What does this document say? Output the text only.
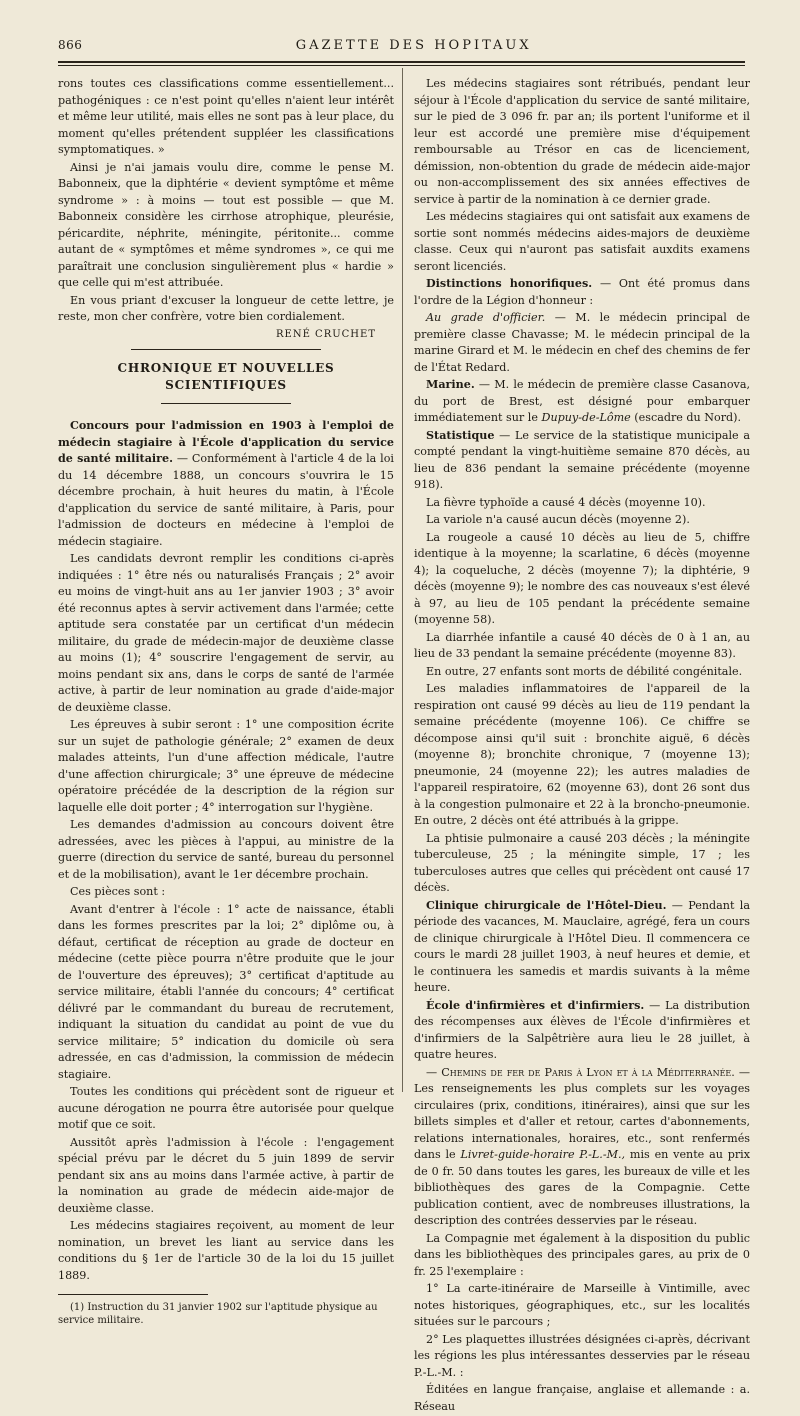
866	GAZETTE DES HOPITAUX

rons toutes ces classifications comme essentiellement... pathogéniques : ce n'est point qu'elles n'aient leur intérêt et même leur utilité, mais elles ne sont pas à leur place, du moment qu'elles prétendent suppléer les classifications symptomatiques. »

Ainsi je n'ai jamais voulu dire, comme le pense M. Babonneix, que la diphtérie « devient symptôme et même syndrome » : à moins — tout est possible — que M. Babonneix considère les cirrhose atrophique, pleurésie, péricardite, néphrite, méningite, péritonite... comme autant de « symptômes et même syndromes », ce qui me paraîtrait une conclusion singulièrement plus « hardie » que celle qui m'est attribuée.

En vous priant d'excuser la longueur de cette lettre, je reste, mon cher confrère, votre bien cordialement.

RENÉ CRUCHET
CHRONIQUE ET NOUVELLES SCIENTIFIQUES

Concours pour l'admission en 1903 à l'emploi de médecin stagiaire à l'École d'application du service de santé militaire. — Conformément à l'article 4 de la loi du 14 décembre 1888, un concours s'ouvrira le 15 décembre prochain, à huit heures du matin, à l'École d'application du service de santé militaire, à Paris, pour l'admission de docteurs en médecine à l'emploi de médecin stagiaire.

Les candidats devront remplir les conditions ci-après indiquées : 1° être nés ou naturalisés Français ; 2° avoir eu moins de vingt-huit ans au 1er janvier 1903 ; 3° avoir été reconnus aptes à servir activement dans l'armée; cette aptitude sera constatée par un certificat d'un médecin militaire, du grade de médecin-major de deuxième classe au moins (1); 4° souscrire l'engagement de servir, au moins pendant six ans, dans le corps de santé de l'armée active, à partir de leur nomination au grade d'aide-major de deuxième classe.

Les épreuves à subir seront : 1° une composition écrite sur un sujet de pathologie générale; 2° examen de deux malades atteints, l'un d'une affection médicale, l'autre d'une affection chirurgicale; 3° une épreuve de médecine opératoire précédée de la description de la région sur laquelle elle doit porter ; 4° interrogation sur l'hygiène.

Les demandes d'admission au concours doivent être adressées, avec les pièces à l'appui, au ministre de la guerre (direction du service de santé, bureau du personnel et de la mobilisation), avant le 1er décembre prochain.

Ces pièces sont :

Avant d'entrer à l'école : 1° acte de naissance, établi dans les formes prescrites par la loi; 2° diplôme ou, à défaut, certificat de réception au grade de docteur en médecine (cette pièce pourra n'être produite que le jour de l'ouverture des épreuves); 3° certificat d'aptitude au service militaire, établi l'année du concours; 4° certificat délivré par le commandant du bureau de recrutement, indiquant la situation du candidat au point de vue du service militaire; 5° indication du domicile où sera adressée, en cas d'admission, la commission de médecin stagiaire.

Toutes les conditions qui précèdent sont de rigueur et aucune dérogation ne pourra être autorisée pour quelque motif que ce soit.

Aussitôt après l'admission à l'école : l'engagement spécial prévu par le décret du 5 juin 1899 de servir pendant six ans au moins dans l'armée active, à partir de la nomination au grade de médecin aide-major de deuxième classe.

Les médecins stagiaires reçoivent, au moment de leur nomination, un brevet les liant au service dans les conditions du § 1er de l'article 30 de la loi du 15 juillet 1889.

(1) Instruction du 31 janvier 1902 sur l'aptitude physique au service militaire.

Les médecins stagiaires sont rétribués, pendant leur séjour à l'École d'application du service de santé militaire, sur le pied de 3 096 fr. par an; ils portent l'uniforme et il leur est accordé une première mise d'équipement remboursable au Trésor en cas de licenciement, démission, non-obtention du grade de médecin aide-major ou non-accomplissement des six années effectives de service à partir de la nomination à ce dernier grade.

Les médecins stagiaires qui ont satisfait aux examens de sortie sont nommés médecins aides-majors de deuxième classe. Ceux qui n'auront pas satisfait auxdits examens seront licenciés.

Distinctions honorifiques. — Ont été promus dans l'ordre de la Légion d'honneur :

Au grade d'officier. — M. le médecin principal de première classe Chavasse; M. le médecin principal de la marine Girard et M. le médecin en chef des chemins de fer de l'État Redard.

Marine. — M. le médecin de première classe Casanova, du port de Brest, est désigné pour embarquer immédiatement sur le Dupuy-de-Lôme (escadre du Nord).

Statistique — Le service de la statistique municipale a compté pendant la vingt-huitième semaine 870 décès, au lieu de 836 pendant la semaine précédente (moyenne 918).

La fièvre typhoïde a causé 4 décès (moyenne 10).

La variole n'a causé aucun décès (moyenne 2).

La rougeole a causé 10 décès au lieu de 5, chiffre identique à la moyenne; la scarlatine, 6 décès (moyenne 4); la coqueluche, 2 décès (moyenne 7); la diphtérie, 9 décès (moyenne 9); le nombre des cas nouveaux s'est élevé à 97, au lieu de 105 pendant la précédente semaine (moyenne 58).

La diarrhée infantile a causé 40 décès de 0 à 1 an, au lieu de 33 pendant la semaine précédente (moyenne 83).

En outre, 27 enfants sont morts de débilité congénitale.

Les maladies inflammatoires de l'appareil de la respiration ont causé 99 décès au lieu de 119 pendant la semaine précédente (moyenne 106). Ce chiffre se décompose ainsi qu'il suit : bronchite aiguë, 6 décès (moyenne 8); bronchite chronique, 7 (moyenne 13); pneumonie, 24 (moyenne 22); les autres maladies de l'appareil respiratoire, 62 (moyenne 63), dont 26 sont dus à la congestion pulmonaire et 22 à la broncho-pneumonie. En outre, 2 décès ont été attribués à la grippe.

La phtisie pulmonaire a causé 203 décès ; la méningite tuberculeuse, 25 ; la méningite simple, 17 ; les tuberculoses autres que celles qui précèdent ont causé 17 décès.

Clinique chirurgicale de l'Hôtel-Dieu. — Pendant la période des vacances, M. Mauclaire, agrégé, fera un cours de clinique chirurgicale à l'Hôtel Dieu. Il commencera ce cours le mardi 28 juillet 1903, à neuf heures et demie, et le continuera les samedis et mardis suivants à la même heure.

École d'infirmières et d'infirmiers. — La distribution des récompenses aux élèves de l'École d'infirmières et d'infirmiers de la Salpêtrière aura lieu le 28 juillet, à quatre heures.

— Chemins de fer de Paris à Lyon et à la Méditerranée. — Les renseignements les plus complets sur les voyages circulaires (prix, conditions, itinéraires), ainsi que sur les billets simples et d'aller et retour, cartes d'abonnements, relations internationales, horaires, etc., sont renfermés dans le Livret-guide-horaire P.-L.-M., mis en vente au prix de 0 fr. 50 dans toutes les gares, les bureaux de ville et les bibliothèques des gares de la Compagnie. Cette publication contient, avec de nombreuses illustrations, la description des contrées desservies par le réseau.

La Compagnie met également à la disposition du public dans les bibliothèques des principales gares, au prix de 0 fr. 25 l'exemplaire :

1° La carte-itinéraire de Marseille à Vintimille, avec notes historiques, géographiques, etc., sur les localités situées sur le parcours ;

2° Les plaquettes illustrées désignées ci-après, décrivant les régions les plus intéressantes desservies par le réseau P.-L.-M. :

Éditées en langue française, anglaise et allemande : a. Réseau
